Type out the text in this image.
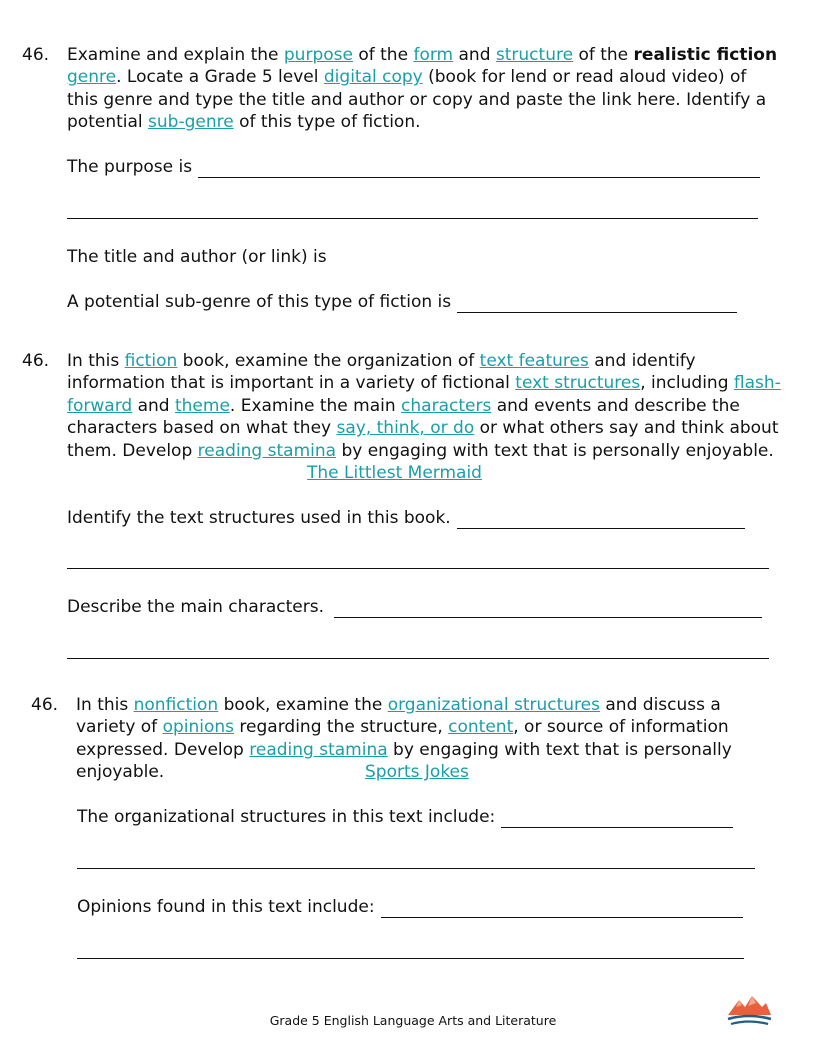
46. Examine and explain the purpose of the form and structure of the realistic fiction genre. Locate a Grade 5 level digital copy (book for lend or read aloud video) of this genre and type the title and author or copy and paste the link here. Identify a potential sub-genre of this type of fiction.
The purpose is
The title and author (or link) is
A potential sub-genre of this type of fiction is
46. In this fiction book, examine the organization of text features and identify information that is important in a variety of fictional text structures, including flash-forward and theme. Examine the main characters and events and describe the characters based on what they say, think, or do or what others say and think about them. Develop reading stamina by engaging with text that is personally enjoyable.
The Littlest Mermaid
Identify the text structures used in this book.
Describe the main characters.
46. In this nonfiction book, examine the organizational structures and discuss a variety of opinions regarding the structure, content, or source of information expressed. Develop reading stamina by engaging with text that is personally enjoyable.	Sports Jokes
The organizational structures in this text include:
Opinions found in this text include:
Grade 5 English Language Arts and Literature
